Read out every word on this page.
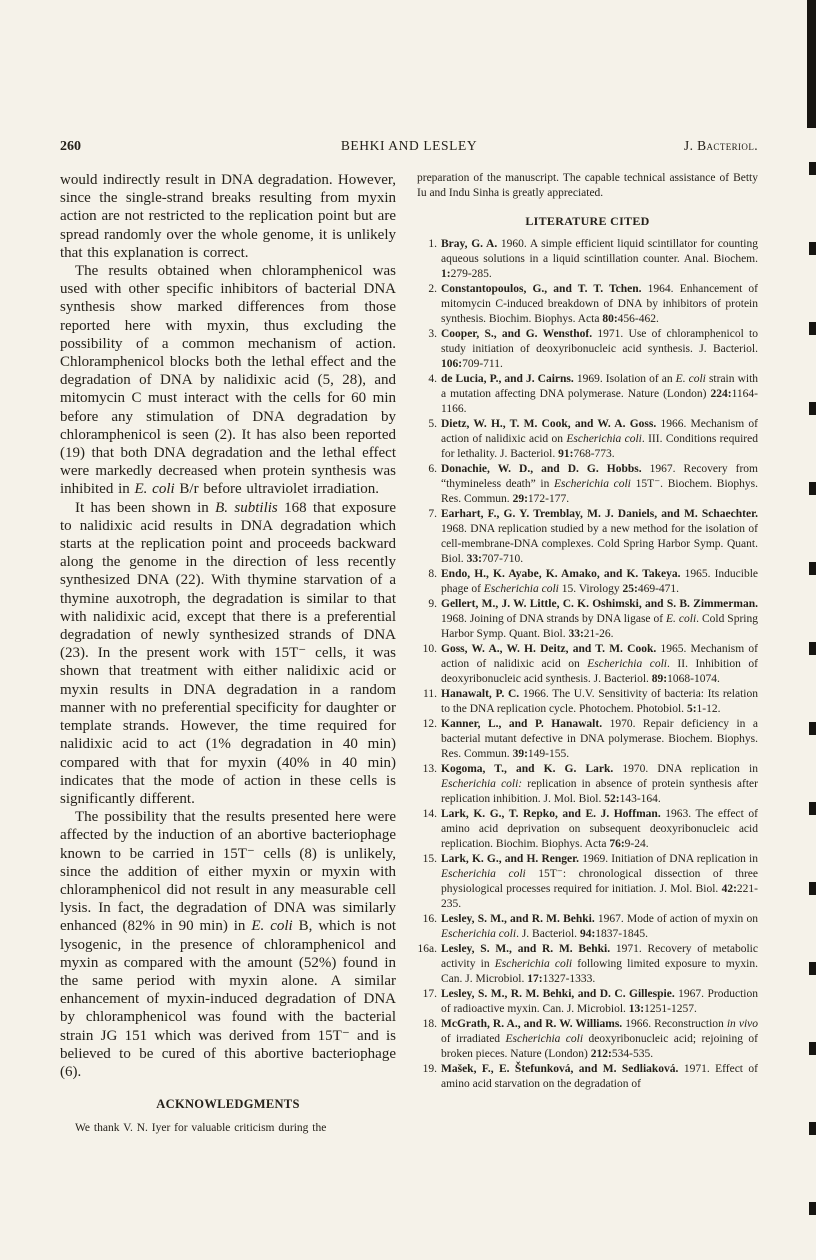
260	BEHKI AND LESLEY	J. Bacteriol.

would indirectly result in DNA degradation. However, since the single-strand breaks resulting from myxin action are not restricted to the replication point but are spread randomly over the whole genome, it is unlikely that this explanation is correct.

The results obtained when chloramphenicol was used with other specific inhibitors of bacterial DNA synthesis show marked differences from those reported here with myxin, thus excluding the possibility of a common mechanism of action. Chloramphenicol blocks both the lethal effect and the degradation of DNA by nalidixic acid (5, 28), and mitomycin C must interact with the cells for 60 min before any stimulation of DNA degradation by chloramphenicol is seen (2). It has also been reported (19) that both DNA degradation and the lethal effect were markedly decreased when protein synthesis was inhibited in E. coli B/r before ultraviolet irradiation.

It has been shown in B. subtilis 168 that exposure to nalidixic acid results in DNA degradation which starts at the replication point and proceeds backward along the genome in the direction of less recently synthesized DNA (22). With thymine starvation of a thymine auxotroph, the degradation is similar to that with nalidixic acid, except that there is a preferential degradation of newly synthesized strands of DNA (23). In the present work with 15T⁻ cells, it was shown that treatment with either nalidixic acid or myxin results in DNA degradation in a random manner with no preferential specificity for daughter or template strands. However, the time required for nalidixic acid to act (1% degradation in 40 min) compared with that for myxin (40% in 40 min) indicates that the mode of action in these cells is significantly different.

The possibility that the results presented here were affected by the induction of an abortive bacteriophage known to be carried in 15T⁻ cells (8) is unlikely, since the addition of either myxin or myxin with chloramphenicol did not result in any measurable cell lysis. In fact, the degradation of DNA was similarly enhanced (82% in 90 min) in E. coli B, which is not lysogenic, in the presence of chloramphenicol and myxin as compared with the amount (52%) found in the same period with myxin alone. A similar enhancement of myxin-induced degradation of DNA by chloramphenicol was found with the bacterial strain JG 151 which was derived from 15T⁻ and is believed to be cured of this abortive bacteriophage (6).

ACKNOWLEDGMENTS

We thank V. N. Iyer for valuable criticism during the

preparation of the manuscript. The capable technical assistance of Betty Iu and Indu Sinha is greatly appreciated.

LITERATURE CITED
1. Bray, G. A. 1960. A simple efficient liquid scintillator for counting aqueous solutions in a liquid scintillation counter. Anal. Biochem. 1:279-285.
2. Constantopoulos, G., and T. T. Tchen. 1964. Enhancement of mitomycin C-induced breakdown of DNA by inhibitors of protein synthesis. Biochim. Biophys. Acta 80:456-462.
3. Cooper, S., and G. Wensthof. 1971. Use of chloramphenicol to study initiation of deoxyribonucleic acid synthesis. J. Bacteriol. 106:709-711.
4. de Lucia, P., and J. Cairns. 1969. Isolation of an E. coli strain with a mutation affecting DNA polymerase. Nature (London) 224:1164-1166.
5. Dietz, W. H., T. M. Cook, and W. A. Goss. 1966. Mechanism of action of nalidixic acid on Escherichia coli. III. Conditions required for lethality. J. Bacteriol. 91:768-773.
6. Donachie, W. D., and D. G. Hobbs. 1967. Recovery from “thymineless death” in Escherichia coli 15T⁻. Biochem. Biophys. Res. Commun. 29:172-177.
7. Earhart, F., G. Y. Tremblay, M. J. Daniels, and M. Schaechter. 1968. DNA replication studied by a new method for the isolation of cell-membrane-DNA complexes. Cold Spring Harbor Symp. Quant. Biol. 33:707-710.
8. Endo, H., K. Ayabe, K. Amako, and K. Takeya. 1965. Inducible phage of Escherichia coli 15. Virology 25:469-471.
9. Gellert, M., J. W. Little, C. K. Oshimski, and S. B. Zimmerman. 1968. Joining of DNA strands by DNA ligase of E. coli. Cold Spring Harbor Symp. Quant. Biol. 33:21-26.
10. Goss, W. A., W. H. Deitz, and T. M. Cook. 1965. Mechanism of action of nalidixic acid on Escherichia coli. II. Inhibition of deoxyribonucleic acid synthesis. J. Bacteriol. 89:1068-1074.
11. Hanawalt, P. C. 1966. The U.V. Sensitivity of bacteria: Its relation to the DNA replication cycle. Photochem. Photobiol. 5:1-12.
12. Kanner, L., and P. Hanawalt. 1970. Repair deficiency in a bacterial mutant defective in DNA polymerase. Biochem. Biophys. Res. Commun. 39:149-155.
13. Kogoma, T., and K. G. Lark. 1970. DNA replication in Escherichia coli: replication in absence of protein synthesis after replication inhibition. J. Mol. Biol. 52:143-164.
14. Lark, K. G., T. Repko, and E. J. Hoffman. 1963. The effect of amino acid deprivation on subsequent deoxyribonucleic acid replication. Biochim. Biophys. Acta 76:9-24.
15. Lark, K. G., and H. Renger. 1969. Initiation of DNA replication in Escherichia coli 15T⁻: chronological dissection of three physiological processes required for initiation. J. Mol. Biol. 42:221-235.
16. Lesley, S. M., and R. M. Behki. 1967. Mode of action of myxin on Escherichia coli. J. Bacteriol. 94:1837-1845.
16a. Lesley, S. M., and R. M. Behki. 1971. Recovery of metabolic activity in Escherichia coli following limited exposure to myxin. Can. J. Microbiol. 17:1327-1333.
17. Lesley, S. M., R. M. Behki, and D. C. Gillespie. 1967. Production of radioactive myxin. Can. J. Microbiol. 13:1251-1257.
18. McGrath, R. A., and R. W. Williams. 1966. Reconstruction in vivo of irradiated Escherichia coli deoxyribonucleic acid; rejoining of broken pieces. Nature (London) 212:534-535.
19. Mašek, F., E. Štefunková, and M. Sedliaková. 1971. Effect of amino acid starvation on the degradation of
